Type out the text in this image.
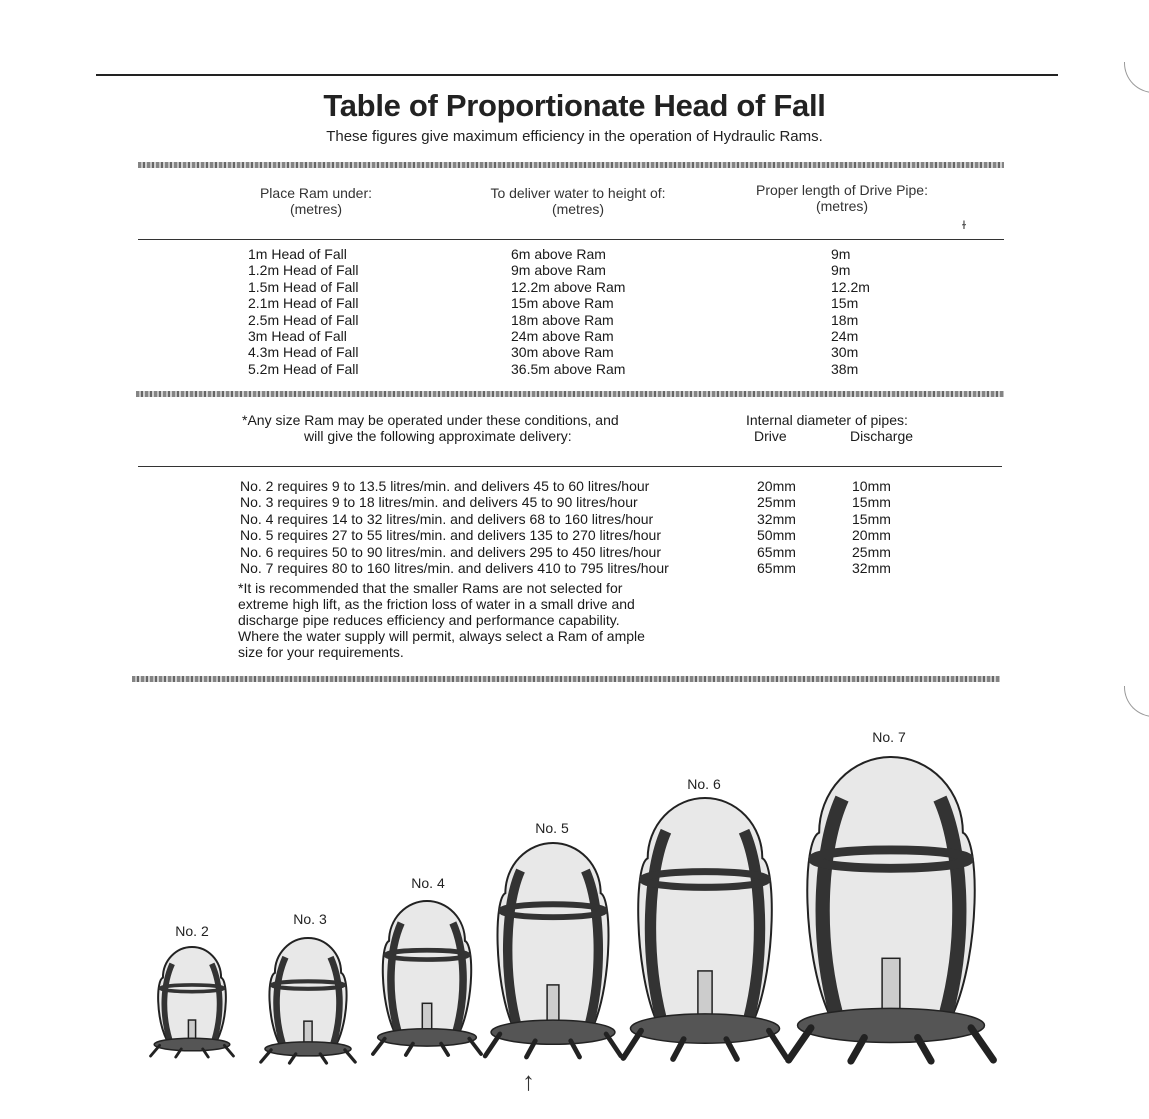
Table of Proportionate Head of Fall
These figures give maximum efficiency in the operation of Hydraulic Rams.
Place Ram under:
(metres)
To deliver water to height of:
(metres)
Proper length of Drive Pipe:
(metres)
1m Head of Fall
1.2m Head of Fall
1.5m Head of Fall
2.1m Head of Fall
2.5m Head of Fall
3m Head of Fall
4.3m Head of Fall
5.2m Head of Fall
6m above Ram
9m above Ram
12.2m above Ram
15m above Ram
18m above Ram
24m above Ram
30m above Ram
36.5m above Ram
9m
9m
12.2m
15m
18m
24m
30m
38m
*Any size Ram may be operated under these conditions, and
will give the following approximate delivery:
Internal diameter of pipes:
Drive	Discharge
No. 2 requires 9 to 13.5 litres/min. and delivers 45 to 60 litres/hour
No. 3 requires 9 to 18 litres/min. and delivers 45 to 90 litres/hour
No. 4 requires 14 to 32 litres/min. and delivers 68 to 160 litres/hour
No. 5 requires 27 to 55 litres/min. and delivers 135 to 270 litres/hour
No. 6 requires 50 to 90 litres/min. and delivers 295 to 450 litres/hour
No. 7 requires 80 to 160 litres/min. and delivers 410 to 795 litres/hour
20mm
25mm
32mm
50mm
65mm
65mm
10mm
15mm
15mm
20mm
25mm
32mm
*It is recommended that the smaller Rams are not selected for
extreme high lift, as the friction loss of water in a small drive and
discharge pipe reduces efficiency and performance capability.
Where the water supply will permit, always select a Ram of ample
size for your requirements.
No. 2
No. 3
No. 4
No. 5
No. 6
No. 7
↑
ɫ
